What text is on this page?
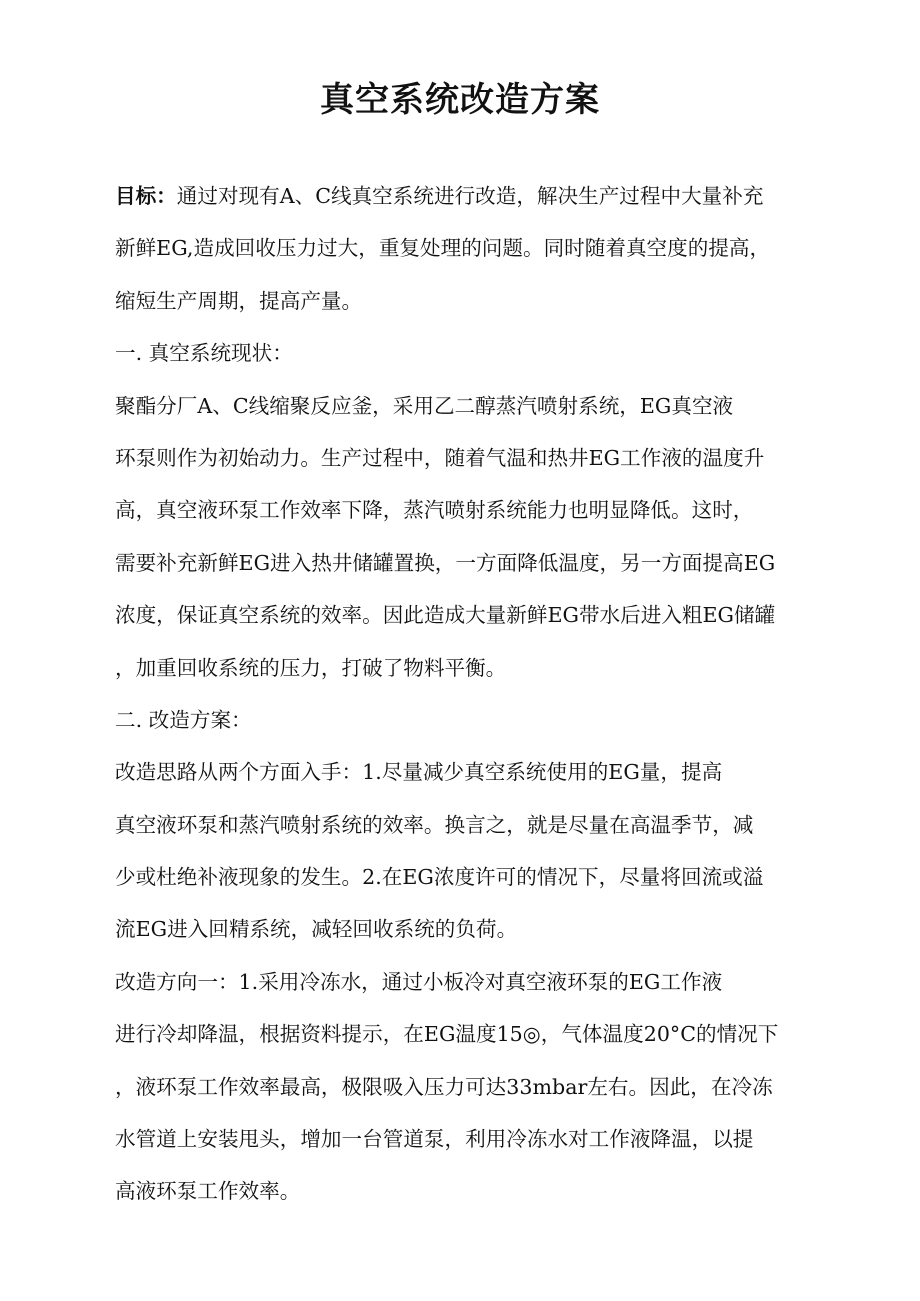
真空系统改造方案
目标：通过对现有A、C线真空系统进行改造，解决生产过程中大量补充
新鲜EG,造成回收压力过大，重复处理的问题。同时随着真空度的提高，
缩短生产周期，提高产量。
一. 真空系统现状：
聚酯分厂A、C线缩聚反应釜，采用乙二醇蒸汽喷射系统，EG真空液
环泵则作为初始动力。生产过程中，随着气温和热井EG工作液的温度升
高，真空液环泵工作效率下降，蒸汽喷射系统能力也明显降低。这时，
需要补充新鲜EG进入热井储罐置换，一方面降低温度，另一方面提高EG
浓度，保证真空系统的效率。因此造成大量新鲜EG带水后进入粗EG储罐
，加重回收系统的压力，打破了物料平衡。
二. 改造方案：
改造思路从两个方面入手：1.尽量减少真空系统使用的EG量，提高
真空液环泵和蒸汽喷射系统的效率。换言之，就是尽量在高温季节，减
少或杜绝补液现象的发生。2.在EG浓度许可的情况下，尽量将回流或溢
流EG进入回精系统，减轻回收系统的负荷。
改造方向一：1.采用冷冻水，通过小板冷对真空液环泵的EG工作液
进行冷却降温，根据资料提示，在EG温度15◎，气体温度20°C的情况下
，液环泵工作效率最高，极限吸入压力可达33mbar左右。因此，在冷冻
水管道上安装甩头，增加一台管道泵，利用冷冻水对工作液降温，以提
高液环泵工作效率。
